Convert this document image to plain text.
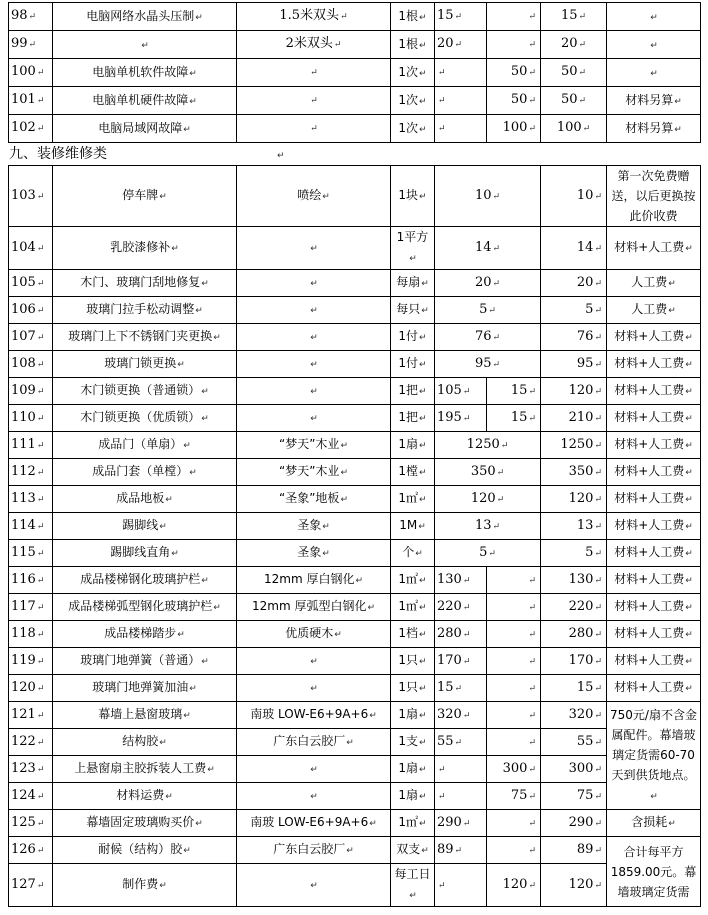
98↵	电脑网络水晶头压制↵	1.5米双头↵	1根↵	15↵	↵	15↵	↵
99↵	↵	2米双头↵	1根↵	20↵	↵	20↵	↵
100↵	电脑单机软件故障↵	↵	1次↵	↵	50↵	50↵	↵
101↵	电脑单机硬件故障↵	↵	1次↵	↵	50↵	50↵	材料另算↵
102↵	电脑局域网故障↵	↵	1次↵	↵	100↵	100↵	材料另算↵
九、装修维修类	↵
103↵	停车牌↵	喷绘↵	1块↵	10↵		10↵	第一次免费赠送，以后更换按此价收费
104↵	乳胶漆修补↵	↵	1平方↵	14↵		14↵	材料+人工费↵
105↵	木门、玻璃门刮地修复↵	↵	每扇↵	20↵		20↵	人工费↵
106↵	玻璃门拉手松动调整↵	↵	每只↵	5↵		5↵	人工费↵
107↵	玻璃门上下不锈钢门夹更换↵	↵	1付↵	76↵		76↵	材料+人工费↵
108↵	玻璃门锁更换↵	↵	1付↵	95↵		95↵	材料+人工费↵
109↵	木门锁更换（普通锁）↵	↵	1把↵	105↵	15↵	120↵	材料+人工费↵
110↵	木门锁更换（优质锁）↵	↵	1把↵	195↵	15↵	210↵	材料+人工费↵
111↵	成品门（单扇）↵	“梦天”木业↵	1扇↵	1250↵		1250↵	材料+人工费↵
112↵	成品门套（单樘）↵	“梦天”木业↵	1樘↵	350↵		350↵	材料+人工费↵
113↵	成品地板↵	“圣象”地板↵	1㎡↵	120↵		120↵	材料+人工费↵
114↵	踢脚线↵	圣象↵	1M↵	13↵		13↵	材料+人工费↵
115↵	踢脚线直角↵	圣象↵	个↵	5↵		5↵	材料+人工费↵
116↵	成品楼梯钢化玻璃护栏↵	12mm 厚白钢化↵	1㎡↵	130↵	↵	130↵	材料+人工费↵
117↵	成品楼梯弧型钢化玻璃护栏↵	12mm 厚弧型白钢化↵	1㎡↵	220↵	↵	220↵	材料+人工费↵
118↵	成品楼梯踏步↵	优质硬木↵	1档↵	280↵	↵	280↵	材料+人工费↵
119↵	玻璃门地弹簧（普通）↵	↵	1只↵	170↵	↵	170↵	材料+人工费↵
120↵	玻璃门地弹簧加油↵	↵	1只↵	15↵	↵	15↵	材料+人工费↵
121↵	幕墙上悬窗玻璃↵	南玻 LOW-E6+9A+6↵	1扇↵	320↵	↵	320↵	750元/扇不含金属配件。幕墙玻璃定货需60-70天到供货地点。↵
122↵	结构胶↵	广东白云胶厂↵	1支↵	55↵	↵	55↵	
123↵	上悬窗扇主胶拆装人工费↵	↵	1扇↵	↵	300↵	300↵	
124↵	材料运费↵	↵	1扇↵	↵	75↵	75↵	
125↵	幕墙固定玻璃购买价↵	南玻 LOW-E6+9A+6↵	1㎡↵	290↵	↵	290↵	含损耗↵
126↵	耐候（结构）胶↵	广东白云胶厂↵	双支↵	89↵	↵	89↵	合计每平方1859.00元。幕墙玻璃定货需
127↵	制作费↵	↵	每工日↵	↵	120↵	120↵	
